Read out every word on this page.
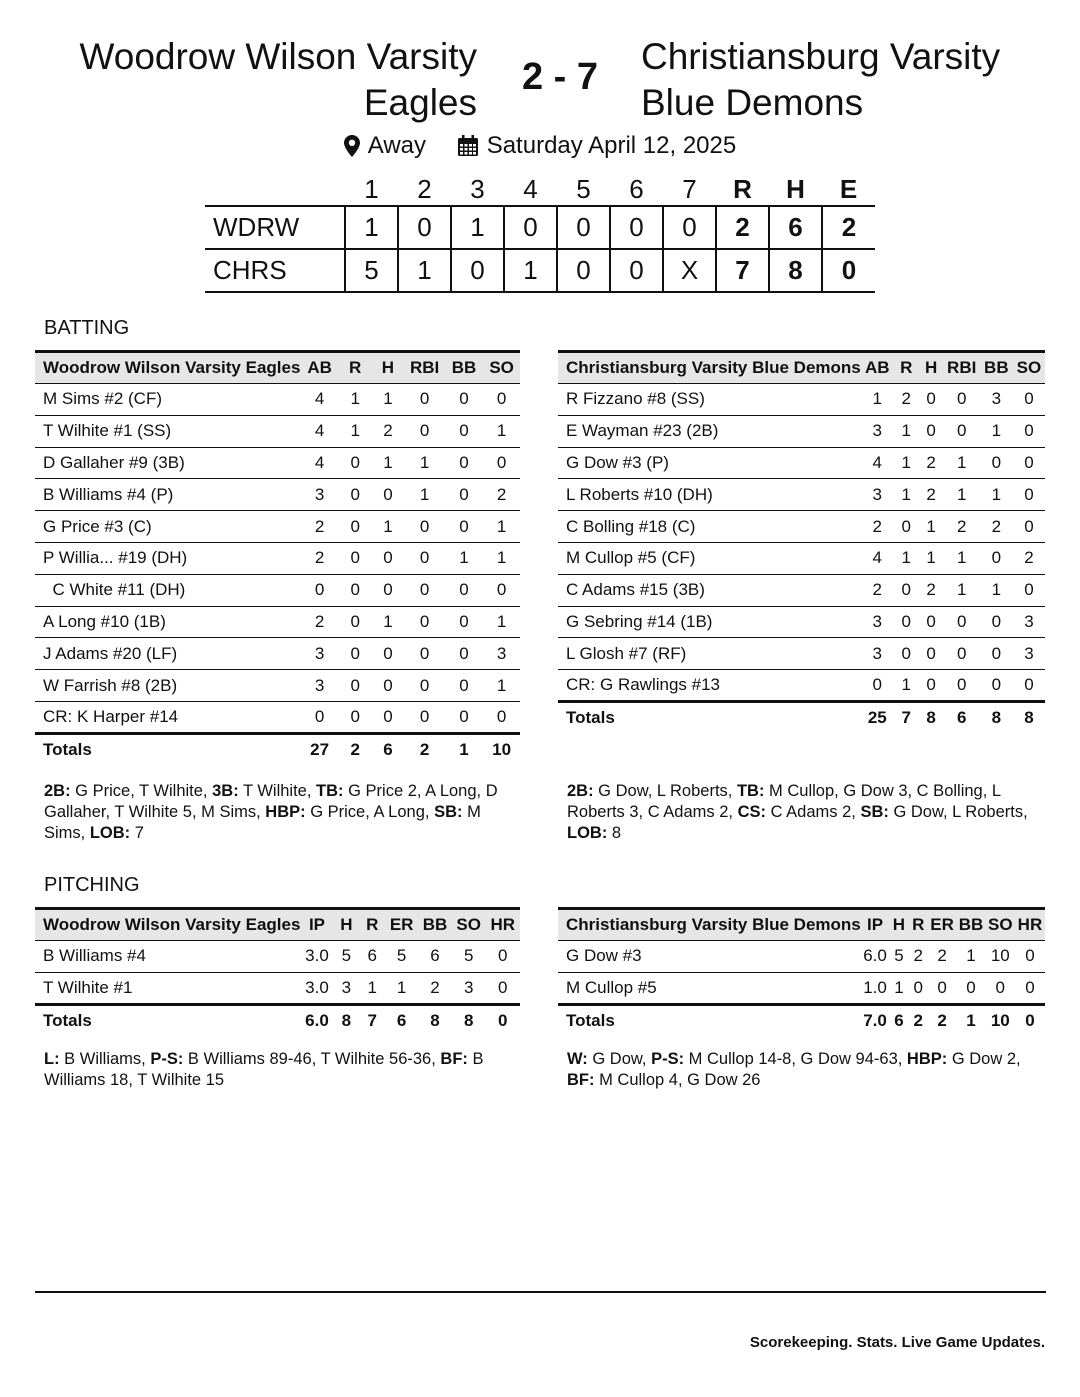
Woodrow Wilson Varsity
Eagles
2 - 7	Christiansburg Varsity
Blue Demons
Away
	Saturday April 12, 2025
	1	2	3	4	5	6	7	R	H	E
WDRW	1	0	1	0	0	0	0	2	6	2
CHRS	5	1	0	1	0	0	X	7	8	0
BATTING
Woodrow Wilson Varsity Eagles	AB	R	H	RBI	BB	SO
M Sims #2 (CF)	4	1	1	0	0	0
T Wilhite #1 (SS)	4	1	2	0	0	1
D Gallaher #9 (3B)	4	0	1	1	0	0
B Williams #4 (P)	3	0	0	1	0	2
G Price #3 (C)	2	0	1	0	0	1
P Willia... #19 (DH)	2	0	0	0	1	1
C White #11 (DH)	0	0	0	0	0	0
A Long #10 (1B)	2	0	1	0	0	1
J Adams #20 (LF)	3	0	0	0	0	3
W Farrish #8 (2B)	3	0	0	0	0	1
CR: K Harper #14	0	0	0	0	0	0
Totals	27	2	6	2	1	10
Christiansburg Varsity Blue Demons	AB	R	H	RBI	BB	SO
R Fizzano #8 (SS)	1	2	0	0	3	0
E Wayman #23 (2B)	3	1	0	0	1	0
G Dow #3 (P)	4	1	2	1	0	0
L Roberts #10 (DH)	3	1	2	1	1	0
C Bolling #18 (C)	2	0	1	2	2	0
M Cullop #5 (CF)	4	1	1	1	0	2
C Adams #15 (3B)	2	0	2	1	1	0
G Sebring #14 (1B)	3	0	0	0	0	3
L Glosh #7 (RF)	3	0	0	0	0	3
CR: G Rawlings #13	0	1	0	0	0	0
Totals	25	7	8	6	8	8
2B: G Price, T Wilhite, 3B: T Wilhite, TB: G Price 2, A Long, D Gallaher, T Wilhite 5, M Sims, HBP: G Price, A Long, SB: M Sims, LOB: 7
2B: G Dow, L Roberts, TB: M Cullop, G Dow 3, C Bolling, L Roberts 3, C Adams 2, CS: C Adams 2, SB: G Dow, L Roberts, LOB: 8
PITCHING
Woodrow Wilson Varsity Eagles	IP	H	R	ER	BB	SO	HR
B Williams #4	3.0	5	6	5	6	5	0
T Wilhite #1	3.0	3	1	1	2	3	0
Totals	6.0	8	7	6	8	8	0
Christiansburg Varsity Blue Demons	IP	H	R	ER	BB	SO	HR
G Dow #3	6.0	5	2	2	1	10	0
M Cullop #5	1.0	1	0	0	0	0	0
Totals	7.0	6	2	2	1	10	0
L: B Williams, P-S: B Williams 89-46, T Wilhite 56-36, BF: B Williams 18, T Wilhite 15
W: G Dow, P-S: M Cullop 14-8, G Dow 94-63, HBP: G Dow 2, BF: M Cullop 4, G Dow 26
Scorekeeping. Stats. Live Game Updates.
